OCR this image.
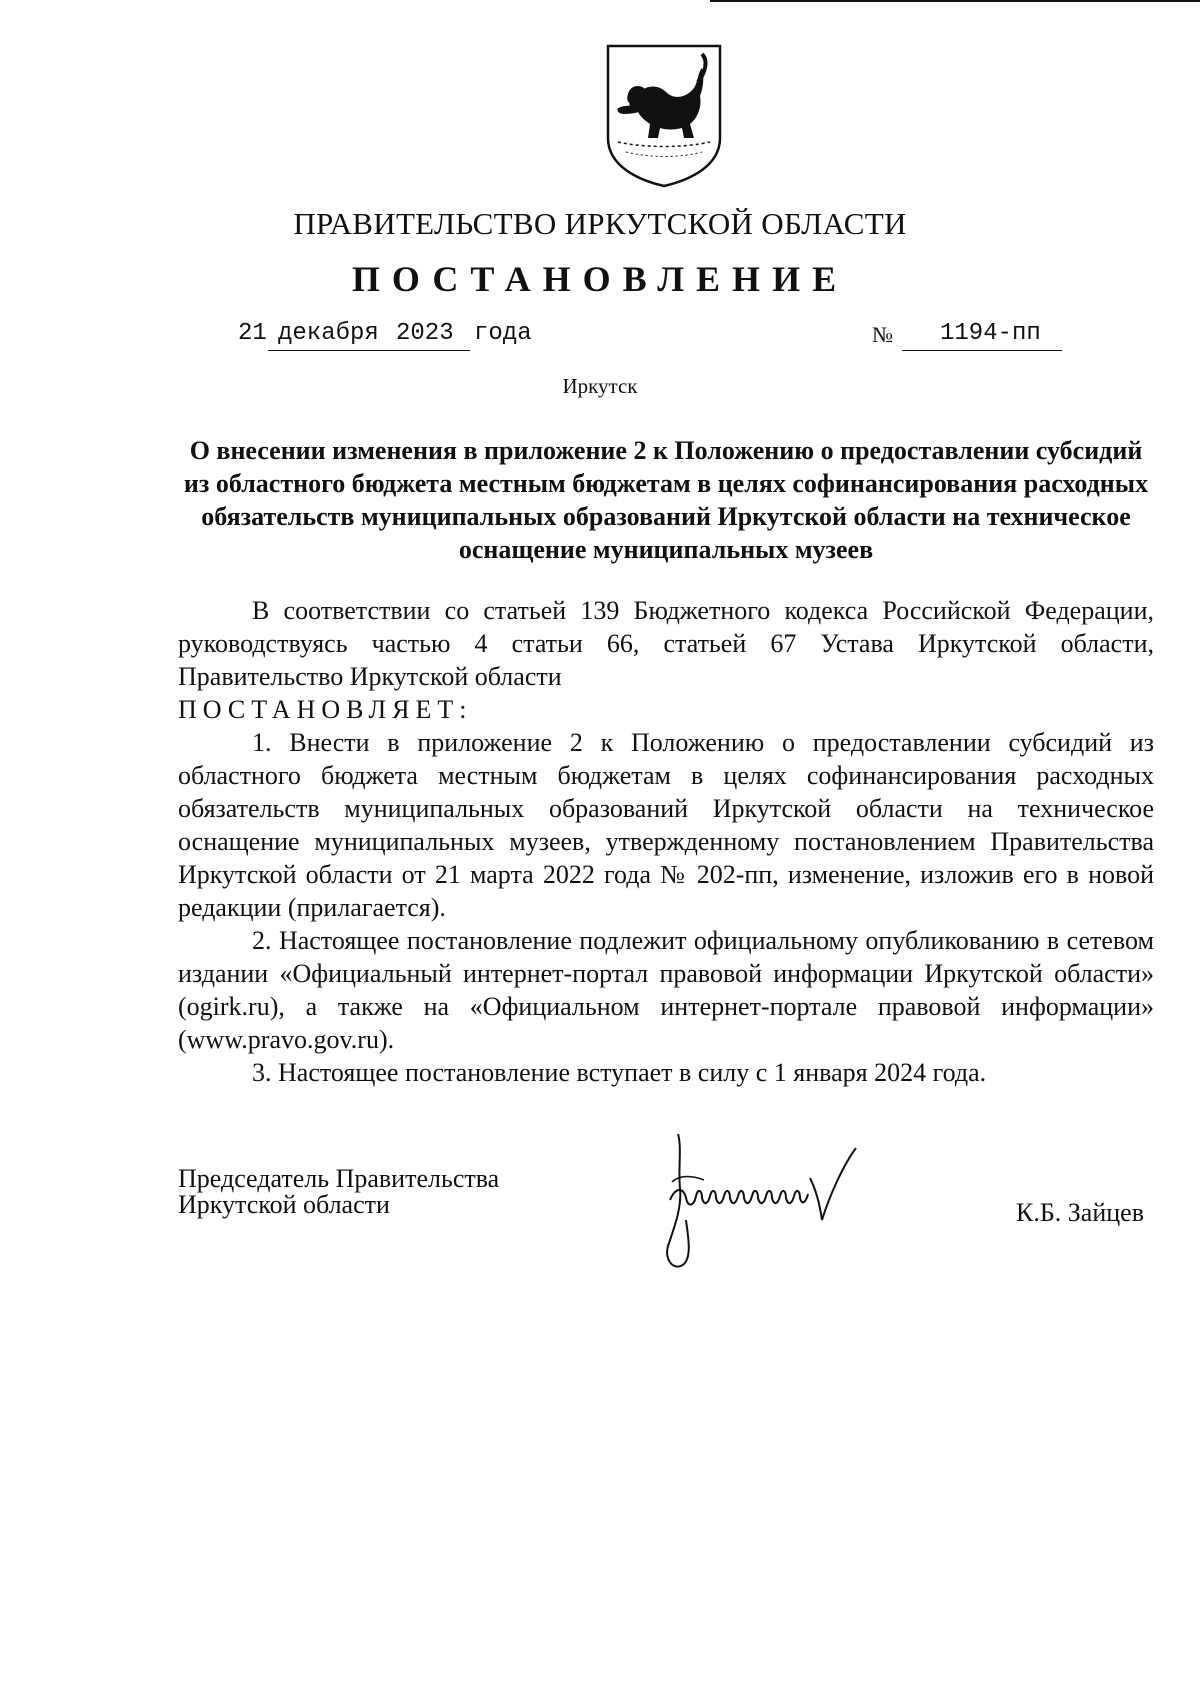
ПРАВИТЕЛЬСТВО ИРКУТСКОЙ ОБЛАСТИ
ПОСТАНОВЛЕНИЕ
21 декабря 2023 года	№ 1194-пп
Иркутск
О внесении изменения в приложение 2 к Положению о предоставлении субсидий из областного бюджета местным бюджетам в целях софинансирования расходных обязательств муниципальных образований Иркутской области на техническое оснащение муниципальных музеев

В соответствии со статьей 139 Бюджетного кодекса Российской Федерации, руководствуясь частью 4 статьи 66, статьей 67 Устава Иркутской области, Правительство Иркутской области

ПОСТАНОВЛЯЕТ:

1. Внести в приложение 2 к Положению о предоставлении субсидий из областного бюджета местным бюджетам в целях софинансирования расходных обязательств муниципальных образований Иркутской области на техническое оснащение муниципальных музеев, утвержденному постановлением Правительства Иркутской области от 21 марта 2022 года № 202-пп, изменение, изложив его в новой редакции (прилагается).

2. Настоящее постановление подлежит официальному опубликованию в сетевом издании «Официальный интернет-портал правовой информации Иркутской области» (ogirk.ru), а также на «Официальном интернет-портале правовой информации» (www.pravo.gov.ru).

3. Настоящее постановление вступает в силу с 1 января 2024 года.

Председатель Правительства
Иркутской области	К.Б. Зайцев
